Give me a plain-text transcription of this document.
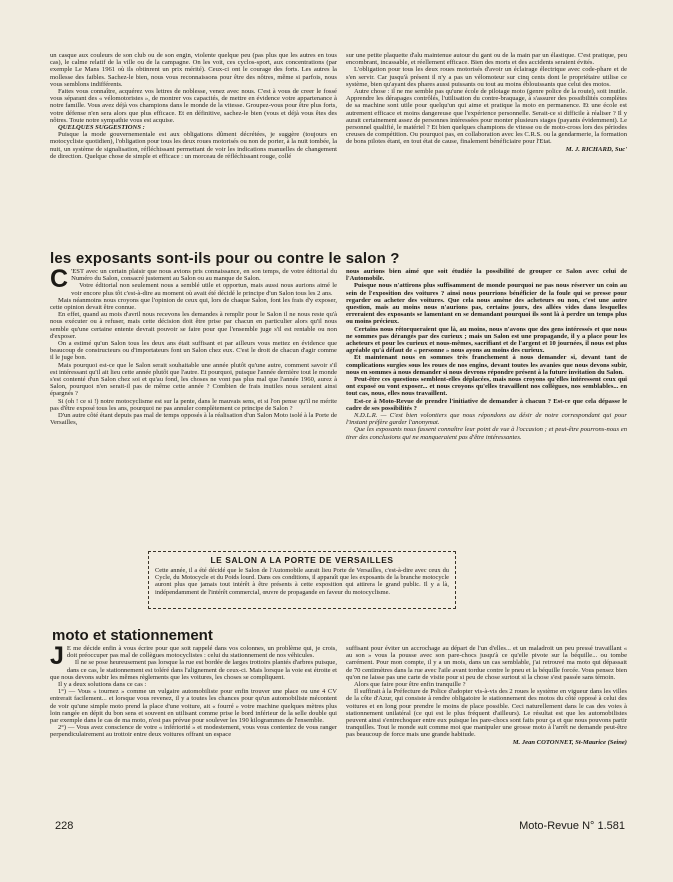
un casque aux couleurs de son club ou de son engin, violente quelque peu (pas plus que les autres en tous cas), le calme relatif de la ville ou de la campagne. On les voit, ces cyclos-sport, aux concentrations (par exemple Le Mans 1961 où ils obtinrent un prix mérité). Ceux-ci ont le courage des forts. Les autres la mollesse des faibles. Sachez-le bien, nous vous reconnaissons pour être des nôtres, même si parfois, nous vous semblons indifférents.

Faites vous connaître, acquérez vos lettres de noblesse, venez avec nous. C'est à vous de creer le fossé vous séparant des « vélomotoristes », de montrer vos capacités, de mettre en évidence votre appartenance à notre famille. Vous avez déjà vos champions dans le monde de la vitesse. Groupez-vous pour être plus forts, votre défense n'en sera alors que plus efficace. Et en définitive, sachez-le bien (vous et déjà vous êtes des nôtres. Toute notre sympathie vous est acquise.

QUELQUES SUGGESTIONS :

Puisque la mode gouvernementale est aux obligations dûment décrétées, je suggère (toujours en motocycliste quotidien), l'obligation pour tous les deux roues motorisés ou non de porter, à la nuit tombée, la nuit, un système de signalisation, réfléchissant permettant de voir les indications manuelles de changement de direction. Quelque chose de simple et efficace : un morceau de réfléchissant rouge, collé

sur une petite plaquette d'alu maintenue autour du gant ou de la main par un élastique. C'est pratique, peu encombrant, incassable, et réellement efficace. Bien des morts et des accidents seraient évités.

L'obligation pour tous les deux roues motorisés d'avoir un éclairage électrique avec code-phare et de s'en servir. Car jusqu'à présent il n'y a pas un vélomoteur sur cinq cents dont le propriétaire utilise ce système, bien qu'ayant des phares aussi puissants ou tout au moins éblouissants que celui des motos.

Autre chose : il ne me semble pas qu'une école de pilotage moto (genre police de la route), soit inutile. Apprendre les dérapages contrôlés, l'utilisation du contre-braquage, à s'assurer des possibilités complètes de sa machine sont utile pour quelqu'un qui aime et pratique la moto en permanence. Et une école est autrement efficace et moins dangereuse que l'expérience personnelle. Serait-ce si difficile à réaliser ? Il y aurait certainement assez de personnes intéressées pour monter plusieurs stages (payants évidemment). Le personnel qualifié, le matériel ? Et bien quelques champions de vitesse ou de moto-cross lors des périodes creuses de compétition. Ou pourquoi pas, en collaboration avec les C.R.S. ou la gendarmerie, la formation de bons pilotes étant, en tout état de cause, finalement bénéficiaire pour l'Etat.

M. J. RICHARD, Suc'

les exposants sont-ils pour ou contre le salon ?
C 'EST avec un certain plaisir que nous avions pris connaissance, en son temps, de votre éditorial du Numéro du Salon, consacré justement au Salon ou au manque de Salon.

Votre éditorial non seulement nous a semblé utile et opportun, mais aussi nous aurions aimé le voir encore plus tôt c'est-à-dire au moment où avait été décidé le principe d'un Salon tous les 2 ans.

Mais néanmoins nous croyons que l'opinion de ceux qui, lors de chaque Salon, font les frais d'y exposer, cette opinion devait être connue.

En effet, quand au mois d'avril nous recevons les demandes à remplir pour le Salon il ne nous reste qu'à nous exécuter ou à refuser, mais cette décision doit être prise par chacun en particulier alors qu'il nous semble qu'une certaine entente devrait pouvoir se faire pour que l'ensemble juge s'il est rentable ou non d'exposer.

On a estimé qu'un Salon tous les deux ans était suffisant et par ailleurs vous mettez en évidence que beaucoup de constructeurs ou d'importateurs font un Salon chez eux. C'est le droit de chacun d'agir comme il le juge bon.

Mais pourquoi est-ce que le Salon serait souhaitable une année plutôt qu'une autre, comment savoir s'il est intéressant qu'il ait lieu cette année plutôt que l'autre. Et pourquoi, puisque l'année dernière tout le monde s'est contenté d'un Salon chez soi et qu'au fond, les choses ne vont pas plus mal que l'année 1960, aurez à Salon, pourquoi n'en serait-il pas de même cette année ? Combien de frais inutiles nous seraient ainsi épargnés ?

Si (oh ! ce si !) notre motocyclisme est sur la pente, dans le mauvais sens, et si l'on pense qu'il ne mérite pas d'être exposé tous les ans, pourquoi ne pas annuler complètement ce principe de Salon ?

D'un autre côté étant depuis pas mal de temps opposés à la réalisation d'un Salon Moto isolé à la Porte de Versailles,

nous aurions bien aimé que soit étudiée la possibilité de grouper ce Salon avec celui de l'Automobile.

Puisque nous n'attirons plus suffisamment de monde pourquoi ne pas nous réserver un coin au sein de l'exposition des voitures ? ainsi nous pourrions bénéficier de la foule qui se presse pour regarder ou acheter des voitures. Que cela nous amène des acheteurs ou non, c'est une autre question, mais au moins nous n'aurions pas, certains jours, des allées vides dans lesquelles erreraient des exposants se lamentant en se demandant pourquoi ils sont là à perdre un temps plus ou moins précieux.

Certains nous rétorqueraient que là, au moins, nous n'avons que des gens intéressés et que nous ne sommes pas dérangés par des curieux ; mais un Salon est une propagande, il y a place pour les acheteurs et pour les curieux et nous-mêmes, sacrifiant et de l'argent et 10 journées, il nous est plus agréable qu'à défaut de « personne » nous ayons au moins des curieux.

Et maintenant nous en sommes très franchement à nous demander si, devant tant de complications surgies sous les roues de nos engins, devant toutes les avanies que nous devons subir, nous en sommes à nous demander si nous devrons répondre présent à la future invitation du Salon.

Peut-être ces questions semblent-elles déplacées, mais nous croyons qu'elles intéressent ceux qui ont exposé ou vont exposer... et nous croyons qu'elles travaillent nos collègues, nos semblables... en tout cas, nous, elles nous travaillent.

Est-ce à Moto-Revue de prendre l'initiative de demander à chacun ? Est-ce que cela dépasse le cadre de ses possibilités ?

N.D.L.R. — C'est bien volontiers que nous répondons au désir de notre correspondant qui pour l'instant préfère garder l'anonymat.

Que les exposants nous fassent connaître leur point de vue à l'occasion ; et peut-être pourrons-nous en tirer des conclusions qui ne manqueraient pas d'être intéressantes.

LE SALON A LA PORTE DE VERSAILLES
Cette année, il a été décidé que le Salon de l'Automobile aurait lieu Porte de Versailles, c'est-à-dire avec ceux du Cycle, du Motocycle et du Poids lourd. Dans ces conditions, il apparaît que les exposants de la branche motocycle auront plus que jamais tout intérêt à être présents à cette exposition qui attirera le grand public. Il y a là, indépendamment de l'intérêt commercial, œuvre de propagande en faveur du motocyclisme.
moto et stationnement
J E me décide enfin à vous écrire pour que soit rappelé dans vos colonnes, un problème qui, je crois, doit préoccuper pas mal de collègues motocyclistes : celui du stationnement de nos véhicules.

Il ne se pose heureusement pas lorsque la rue est bordée de larges trottoirs plantés d'arbres puisque, dans ce cas, le stationnement est toléré dans l'alignement de ceux-ci. Mais lorsque la voie est étroite et que nous devons subir les mêmes règlements que les voitures, les choses se compliquent.

Il y a deux solutions dans ce cas :

1°) — Vous « tournez » comme un vulgaire automobiliste pour enfin trouver une place ou une 4 CV entrerait facilement... et lorsque vous revenez, il y a toutes les chances pour qu'un automobiliste mécontent de voir qu'une simple moto prend la place d'une voiture, ait « fourré » votre machine quelques mètres plus loin rangée en dépit du bon sens et souvent en utilisant comme prise le bord inférieur de la selle double qui par exemple dans le cas de ma moto, n'est pas prévue pour soulever les 190 kilogrammes de l'ensemble.

2°) — Vous avez conscience de votre « infériorité » et modestement, vous vous contentez de vous ranger perpendiculairement au trottoir entre deux voitures offrant un espace

suffisant pour éviter un accrochage au départ de l'un d'elles... et un maladroit un peu pressé travaillant « au son » vous la pousse avec son pare-chocs jusqu'à ce qu'elle pivote sur la béquille... ou tombe carrément. Pour mon compte, il y a un mois, dans un cas semblable, j'ai retrouvé ma moto qui dépassait de 70 centimètres dans la rue avec l'aile avant tordue contre le pneu et la béquille forcée. Vous pensez bien qu'on ne laisse pas une carte de visite pour si peu de chose surtout si la chose s'est passée sans témoin.

Alors que faire pour être enfin tranquille ?

Il suffirait à la Préfecture de Police d'adopter vis-à-vis des 2 roues le système en vigueur dans les villes de la côte d'Azur, qui consiste à rendre obligatoire le stationnement des motos du côté opposé à celui des voitures et en long pour prendre le moins de place possible. Ceci naturellement dans le cas des voies à stationnement unilatéral (ce qui est le plus fréquent d'ailleurs). Le résultat est que les automobilistes peuvent ainsi s'entrechoquer entre eux puisque les pare-chocs sont faits pour ça et que nous pouvons partir tranquilles. Tout le monde suit comme moi que manipuler une grosse moto à l'arrêt ne demande peut-être pas beaucoup de force mais une grande habitude.

M. Jean COTONNET, St-Maurice (Seine)

228	Moto-Revue N° 1.581
